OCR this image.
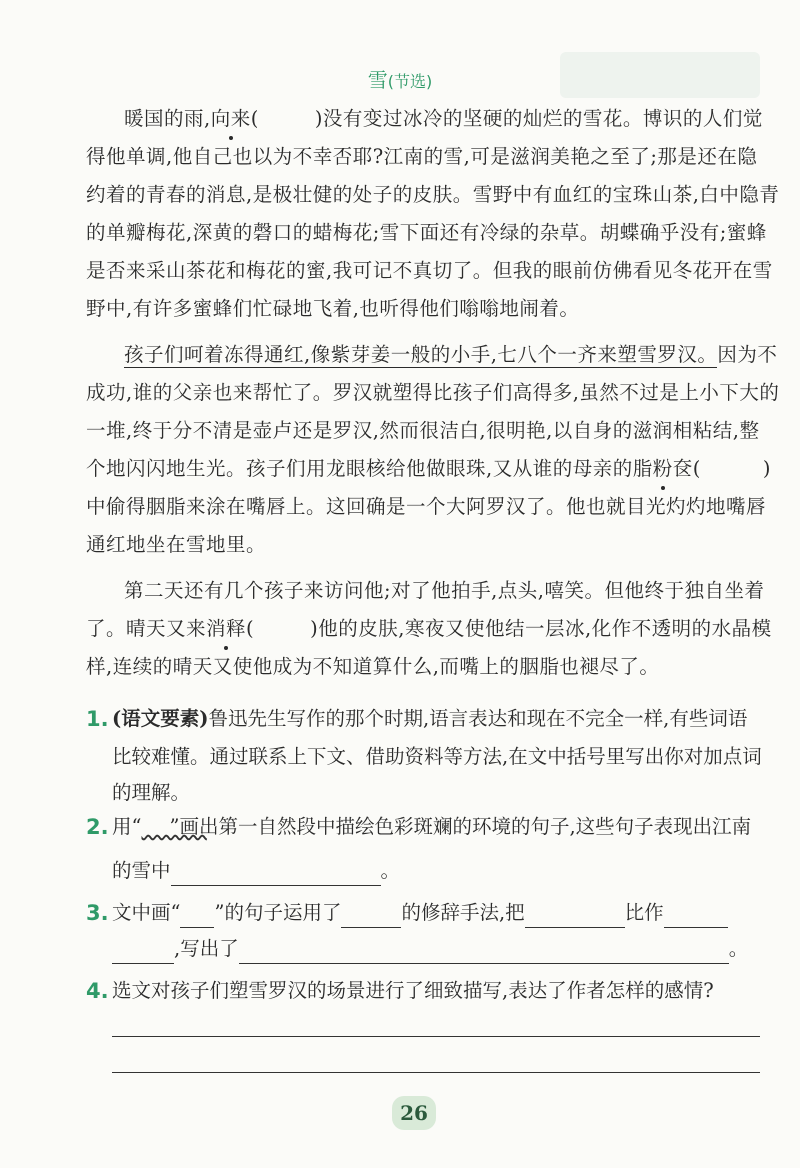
雪(节选)
暖国的雨,向来(	)没有变过冰冷的坚硬的灿烂的雪花。博识的人们觉
得他单调,他自己也以为不幸否耶?江南的雪,可是滋润美艳之至了;那是还在隐
约着的青春的消息,是极壮健的处子的皮肤。雪野中有血红的宝珠山茶,白中隐青
的单瓣梅花,深黄的磬口的蜡梅花;雪下面还有冷绿的杂草。胡蝶确乎没有;蜜蜂
是否来采山茶花和梅花的蜜,我可记不真切了。但我的眼前仿佛看见冬花开在雪
野中,有许多蜜蜂们忙碌地飞着,也听得他们嗡嗡地闹着。
孩子们呵着冻得通红,像紫芽姜一般的小手,七八个一齐来塑雪罗汉。因为不
成功,谁的父亲也来帮忙了。罗汉就塑得比孩子们高得多,虽然不过是上小下大的
一堆,终于分不清是壶卢还是罗汉,然而很洁白,很明艳,以自身的滋润相粘结,整
个地闪闪地生光。孩子们用龙眼核给他做眼珠,又从谁的母亲的脂粉奁(	)
中偷得胭脂来涂在嘴唇上。这回确是一个大阿罗汉了。他也就目光灼灼地嘴唇
通红地坐在雪地里。
第二天还有几个孩子来访问他;对了他拍手,点头,嘻笑。但他终于独自坐着
了。晴天又来消释(	)他的皮肤,寒夜又使他结一层冰,化作不透明的水晶模
样,连续的晴天又使他成为不知道算什么,而嘴上的胭脂也褪尽了。
1. (语文要素)鲁迅先生写作的那个时期,语言表达和现在不完全一样,有些词语
比较难懂。通过联系上下文、借助资料等方法,在文中括号里写出你对加点词
的理解。
2. 用“ ”画出第一自然段中描绘色彩斑斓的环境的句子,这些句子表现出江南
的雪中	。
3. 文中画“ ”的句子运用了	的修辞手法,把	比作
,写出了	。
4. 选文对孩子们塑雪罗汉的场景进行了细致描写,表达了作者怎样的感情?
26
